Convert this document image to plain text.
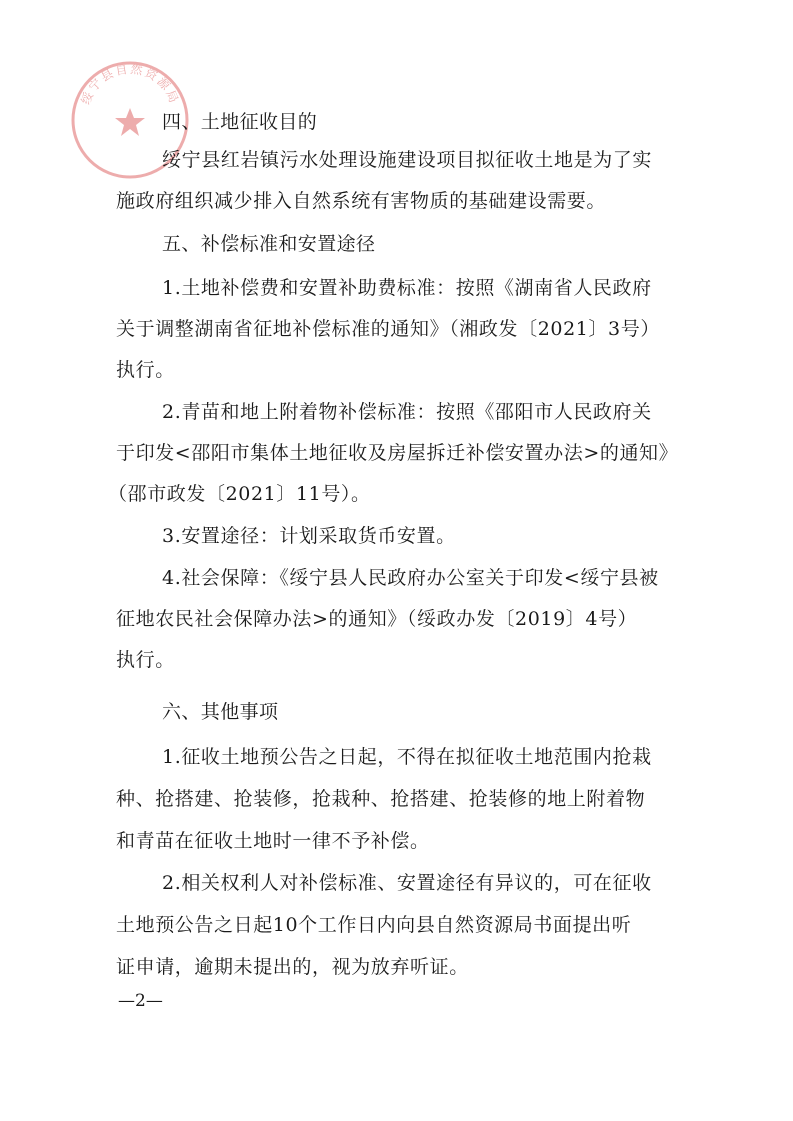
绥宁县自然资源局

四、土地征收目的

绥宁县红岩镇污水处理设施建设项目拟征收土地是为了实

施政府组织减少排入自然系统有害物质的基础建设需要。

五、补偿标准和安置途径

1.土地补偿费和安置补助费标准：按照《湖南省人民政府

关于调整湖南省征地补偿标准的通知》（湘政发〔2021〕3号）

执行。

2.青苗和地上附着物补偿标准：按照《邵阳市人民政府关

于印发<邵阳市集体土地征收及房屋拆迁补偿安置办法>的通知》

（邵市政发〔2021〕11号）。

3.安置途径：计划采取货币安置。

4.社会保障：《绥宁县人民政府办公室关于印发<绥宁县被

征地农民社会保障办法>的通知》（绥政办发〔2019〕4号）

执行。

六、其他事项

1.征收土地预公告之日起，不得在拟征收土地范围内抢栽

种、抢搭建、抢装修，抢栽种、抢搭建、抢装修的地上附着物

和青苗在征收土地时一律不予补偿。

2.相关权利人对补偿标准、安置途径有异议的，可在征收

土地预公告之日起10个工作日内向县自然资源局书面提出听

证申请，逾期未提出的，视为放弃听证。

—2—
